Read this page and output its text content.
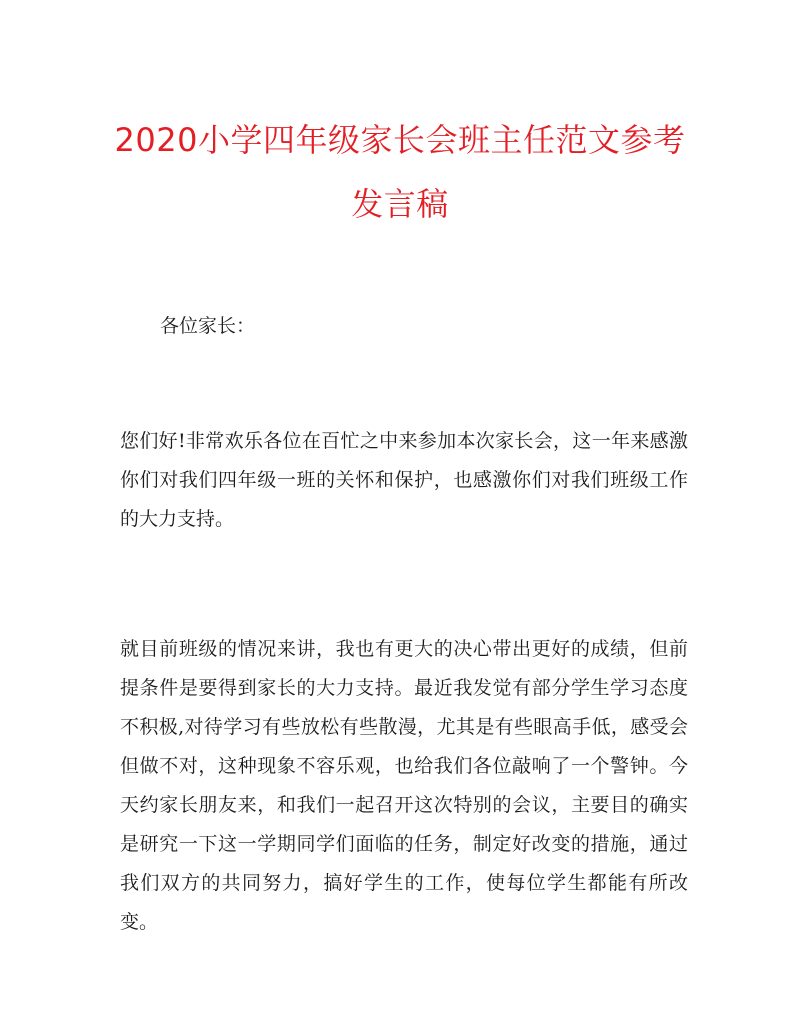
2020小学四年级家长会班主任范文参考发言稿

各位家长：

您们好!非常欢乐各位在百忙之中来参加本次家长会，这一年来感激你们对我们四年级一班的关怀和保护，也感激你们对我们班级工作的大力支持。

就目前班级的情况来讲，我也有更大的决心带出更好的成绩，但前提条件是要得到家长的大力支持。最近我发觉有部分学生学习态度不积极,对待学习有些放松有些散漫，尤其是有些眼高手低，感受会但做不对，这种现象不容乐观，也给我们各位敲响了一个警钟。今天约家长朋友来，和我们一起召开这次特别的会议，主要目的确实是研究一下这一学期同学们面临的任务，制定好改变的措施，通过我们双方的共同努力，搞好学生的工作，使每位学生都能有所改变。
